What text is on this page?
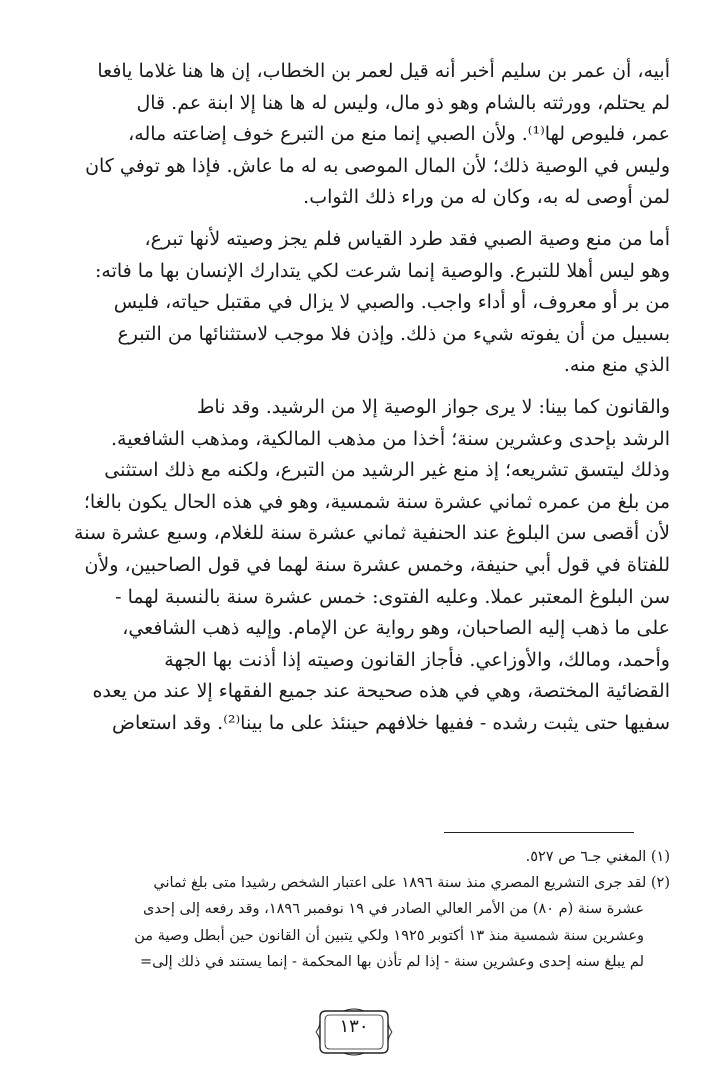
أبيه، أن عمر بن سليم أخبر أنه قيل لعمر بن الخطاب، إن ها هنا غلاما يافعا
لم يحتلم، وورثته بالشام وهو ذو مال، وليس له ها هنا إلا ابنة عم. قال
عمر، فليوص لها⁽¹⁾. ولأن الصبي إنما منع من التبرع خوف إضاعته ماله،
وليس في الوصية ذلك؛ لأن المال الموصى به له ما عاش. فإذا هو توفي كان
لمن أوصى له به، وكان له من وراء ذلك الثواب.

أما من منع وصية الصبي فقد طرد القياس فلم يجز وصيته لأنها تبرع،
وهو ليس أهلا للتبرع. والوصية إنما شرعت لكي يتدارك الإنسان بها ما فاته:
من بر أو معروف، أو أداء واجب. والصبي لا يزال في مقتبل حياته، فليس
بسبيل من أن يفوته شيء من ذلك. وإذن فلا موجب لاستثنائها من التبرع
الذي منع منه.

والقانون كما بينا: لا يرى جواز الوصية إلا من الرشيد. وقد ناط
الرشد بإحدى وعشرين سنة؛ أخذا من مذهب المالكية، ومذهب الشافعية.
وذلك ليتسق تشريعه؛ إذ منع غير الرشيد من التبرع، ولكنه مع ذلك استثنى
من بلغ من عمره ثماني عشرة سنة شمسية، وهو في هذه الحال يكون بالغا؛
لأن أقصى سن البلوغ عند الحنفية ثماني عشرة سنة للغلام، وسبع عشرة سنة
للفتاة في قول أبي حنيفة، وخمس عشرة سنة لهما في قول الصاحبين، ولأن
سن البلوغ المعتبر عملا. وعليه الفتوى: خمس عشرة سنة بالنسبة لهما -
على ما ذهب إليه الصاحبان، وهو رواية عن الإمام. وإليه ذهب الشافعي،
وأحمد، ومالك، والأوزاعي. فأجاز القانون وصيته إذا أذنت بها الجهة
القضائية المختصة، وهي في هذه صحيحة عند جميع الفقهاء إلا عند من يعده
سفيها حتى يثبت رشده - ففيها خلافهم حينئذ على ما بينا⁽²⁾. وقد استعاض

(١) المغني جـ٦ ص ٥٢٧.
(٢) لقد جرى التشريع المصري منذ سنة ١٨٩٦ على اعتبار الشخص رشيدا متى بلغ ثماني
عشرة سنة (م ٨٠) من الأمر العالي الصادر في ١٩ نوفمبر ١٨٩٦، وقد رفعه إلى إحدى
وعشرين سنة شمسية منذ ١٣ أكتوبر ١٩٢٥ ولكي يتبين أن القانون حين أبطل وصية من
لم يبلغ سنه إحدى وعشرين سنة - إذا لم تأذن بها المحكمة - إنما يستند في ذلك إلى=
١٣٠
